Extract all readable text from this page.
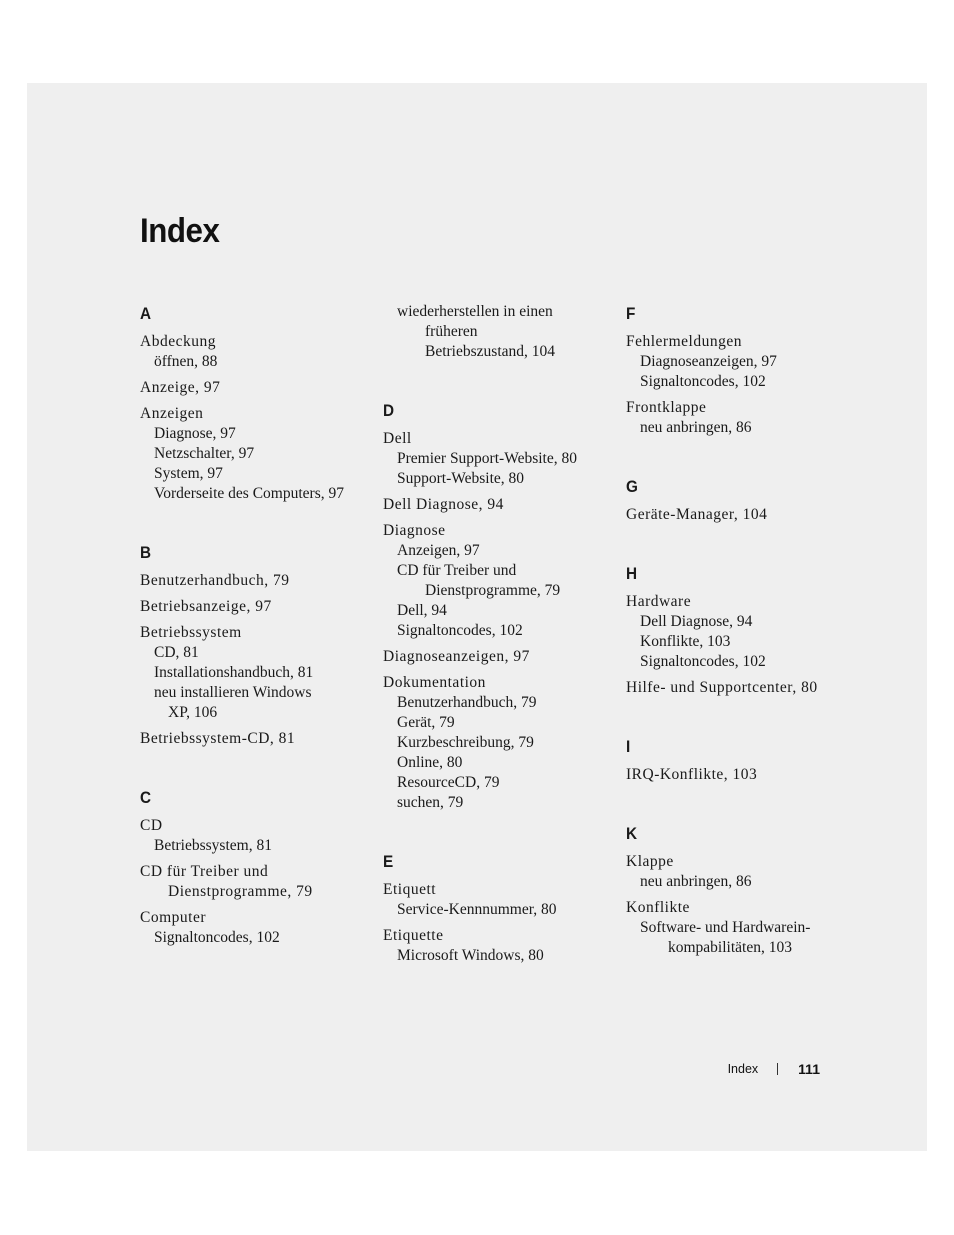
Index
A
Abdeckung
öffnen, 88
Anzeige, 97
Anzeigen
Diagnose, 97
Netzschalter, 97
System, 97
Vorderseite des Computers, 97
B
Benutzerhandbuch, 79
Betriebsanzeige, 97
Betriebssystem
CD, 81
Installationshandbuch, 81
neu installieren Windows
XP, 106
Betriebssystem-CD, 81
C
CD
Betriebssystem, 81
CD für Treiber und
Dienstprogramme, 79
Computer
Signaltoncodes, 102
wiederherstellen in einen
früheren
Betriebszustand, 104
D
Dell
Premier Support-Website, 80
Support-Website, 80
Dell Diagnose, 94
Diagnose
Anzeigen, 97
CD für Treiber und
Dienstprogramme, 79
Dell, 94
Signaltoncodes, 102
Diagnoseanzeigen, 97
Dokumentation
Benutzerhandbuch, 79
Gerät, 79
Kurzbeschreibung, 79
Online, 80
ResourceCD, 79
suchen, 79
E
Etiquett
Service-Kennnummer, 80
Etiquette
Microsoft Windows, 80
F
Fehlermeldungen
Diagnoseanzeigen, 97
Signaltoncodes, 102
Frontklappe
neu anbringen, 86
G
Geräte-Manager, 104
H
Hardware
Dell Diagnose, 94
Konflikte, 103
Signaltoncodes, 102
Hilfe- und Supportcenter, 80
I
IRQ-Konflikte, 103
K
Klappe
neu anbringen, 86
Konflikte
Software- und Hardwarein-
kompabilitäten, 103
Index	111
